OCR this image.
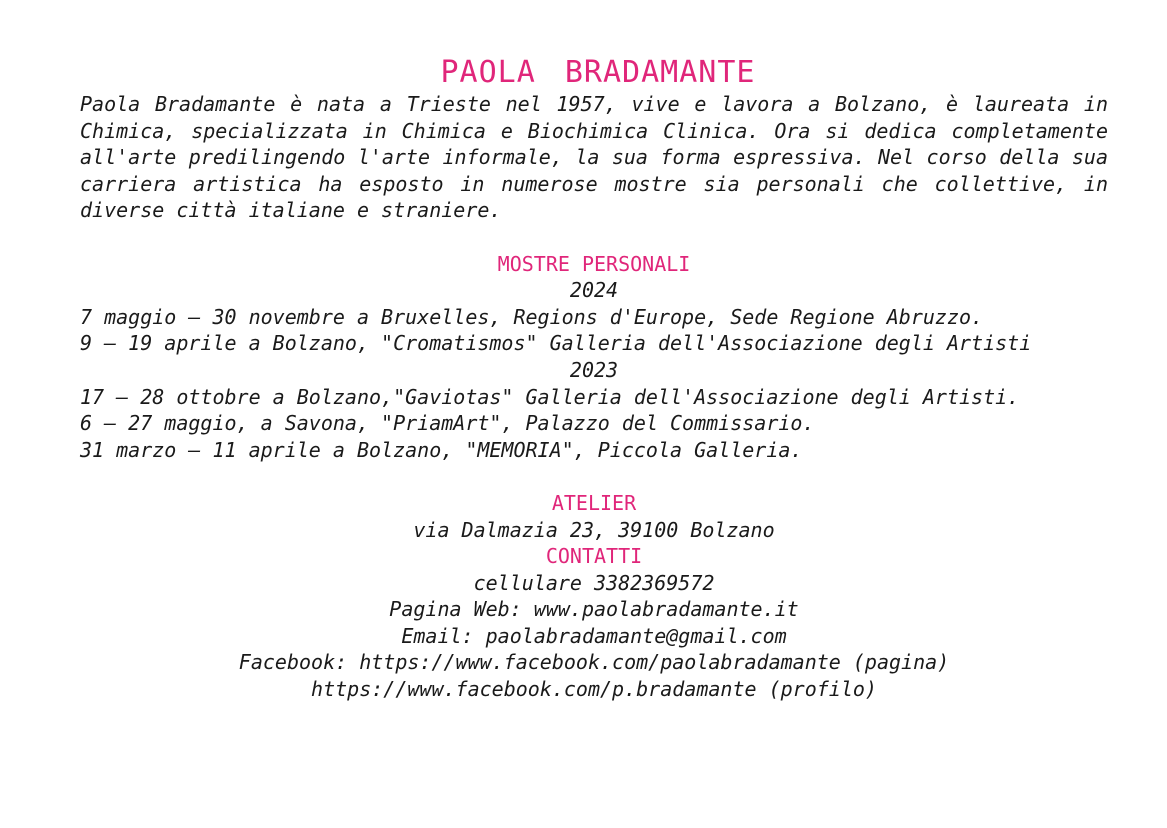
PAOLA BRADAMANTE

Paola Bradamante è nata a Trieste nel 1957, vive e lavora a Bolzano, è laureata in Chimica, specializzata in Chimica e Biochimica Clinica. Ora si dedica completamente all'arte predilingendo l'arte informale, la sua forma espressiva. Nel corso della sua carriera artistica ha esposto in numerose mostre sia personali che collettive, in diverse città italiane e straniere.

MOSTRE PERSONALI
2024
7 maggio – 30 novembre a Bruxelles, Regions d'Europe, Sede Regione Abruzzo.
9 – 19 aprile a Bolzano, "Cromatismos" Galleria dell'Associazione degli Artisti
2023
17 – 28 ottobre a Bolzano,"Gaviotas" Galleria dell'Associazione degli Artisti.
6 – 27 maggio, a Savona, "PriamArt", Palazzo del Commissario.
31 marzo – 11 aprile a Bolzano, "MEMORIA", Piccola Galleria.
ATELIER
via Dalmazia 23, 39100 Bolzano
CONTATTI
cellulare 3382369572
Pagina Web: www.paolabradamante.it
Email: paolabradamante@gmail.com
Facebook: https://www.facebook.com/paolabradamante (pagina)
https://www.facebook.com/p.bradamante (profilo)
